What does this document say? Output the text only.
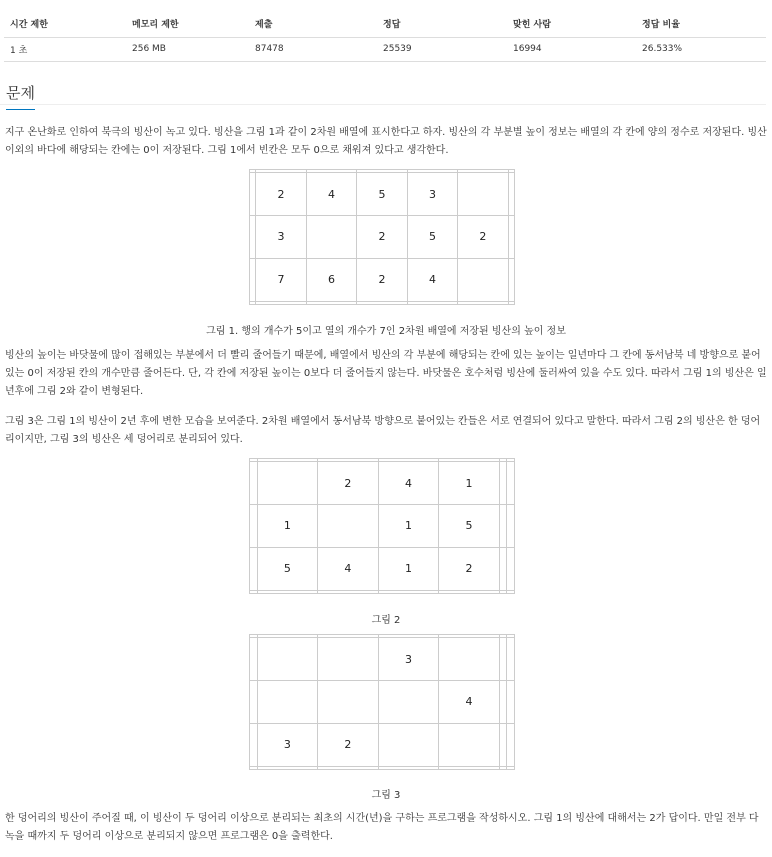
시간 제한	메모리 제한	제출	정답	맞힌 사람	정답 비율
1 초	256 MB	87478	25539	16994	26.533%
문제

지구 온난화로 인하여 북극의 빙산이 녹고 있다. 빙산을 그림 1과 같이 2차원 배열에 표시한다고 하자. 빙산의 각 부분별 높이 정보는 배열의 각 칸에 양의 정수로 저장된다. 빙산 이외의 바다에 해당되는 칸에는 0이 저장된다. 그림 1에서 빈칸은 모두 0으로 채워져 있다고 생각한다.

	2	4	5	3		
	3		2	5	2	
	7	6	2	4		

그림 1. 행의 개수가 5이고 열의 개수가 7인 2차원 배열에 저장된 빙산의 높이 정보

빙산의 높이는 바닷물에 많이 접해있는 부분에서 더 빨리 줄어들기 때문에, 배열에서 빙산의 각 부분에 해당되는 칸에 있는 높이는 일년마다 그 칸에 동서남북 네 방향으로 붙어있는 0이 저장된 칸의 개수만큼 줄어든다. 단, 각 칸에 저장된 높이는 0보다 더 줄어들지 않는다. 바닷물은 호수처럼 빙산에 둘러싸여 있을 수도 있다. 따라서 그림 1의 빙산은 일년후에 그림 2와 같이 변형된다.

그림 3은 그림 1의 빙산이 2년 후에 변한 모습을 보여준다. 2차원 배열에서 동서남북 방향으로 붙어있는 칸들은 서로 연결되어 있다고 말한다. 따라서 그림 2의 빙산은 한 덩어리이지만, 그림 3의 빙산은 세 덩어리로 분리되어 있다.

		2	4	1		
	1		1	5		
	5	4	1	2		

그림 2

			3			
				4		
	3	2				

그림 3

한 덩어리의 빙산이 주어질 때, 이 빙산이 두 덩어리 이상으로 분리되는 최초의 시간(년)을 구하는 프로그램을 작성하시오. 그림 1의 빙산에 대해서는 2가 답이다. 만일 전부 다 녹을 때까지 두 덩어리 이상으로 분리되지 않으면 프로그램은 0을 출력한다.
